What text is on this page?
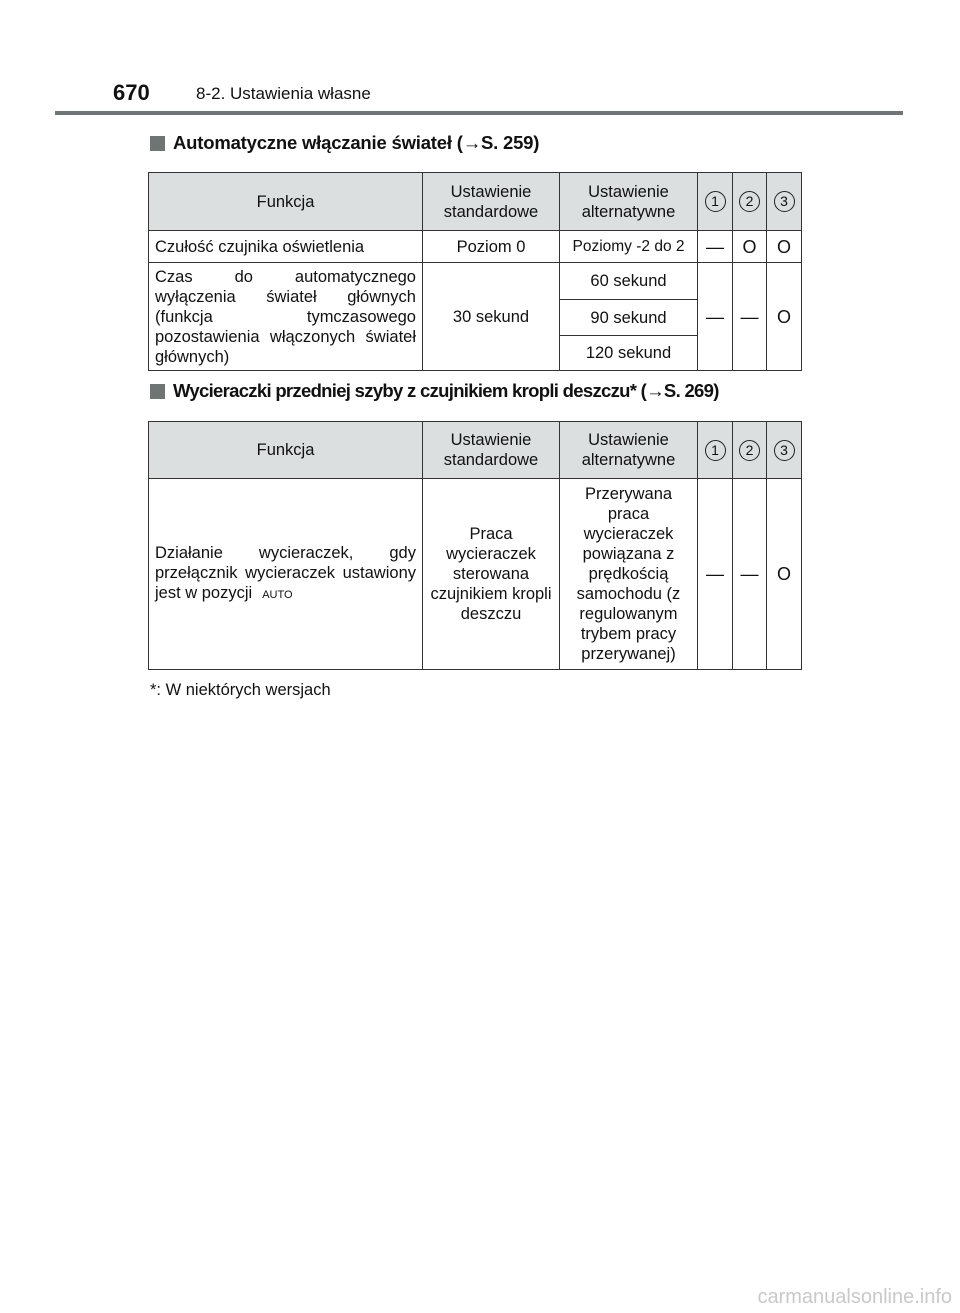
670	8-2. Ustawienia własne
Automatyczne włączanie świateł (→S. 259)
Funkcja	Ustawienie standardowe	Ustawienie alternatywne	1	2	3
Czułość czujnika oświetlenia	Poziom 0	Poziomy -2 do 2	—	O	O
Czas do automatycznego wyłączenia świateł głównych (funkcja tymczasowego pozostawienia włączonych świateł głównych)	30 sekund	60 sekund	—	—	O
		90 sekund			
		120 sekund			
Wycieraczki przedniej szyby z czujnikiem kropli deszczu* (→S. 269)
Funkcja	Ustawienie standardowe	Ustawienie alternatywne	1	2	3
Działanie wycieraczek, gdy przełącznik wycieraczek ustawiony jest w pozycji AUTO	Praca wycieraczek sterowana czujnikiem kropli deszczu	Przerywana praca wycieraczek powiązana z prędkością samochodu (z regulowanym trybem pracy przerywanej)	—	—	O
*: W niektórych wersjach
carmanualsonline.info
